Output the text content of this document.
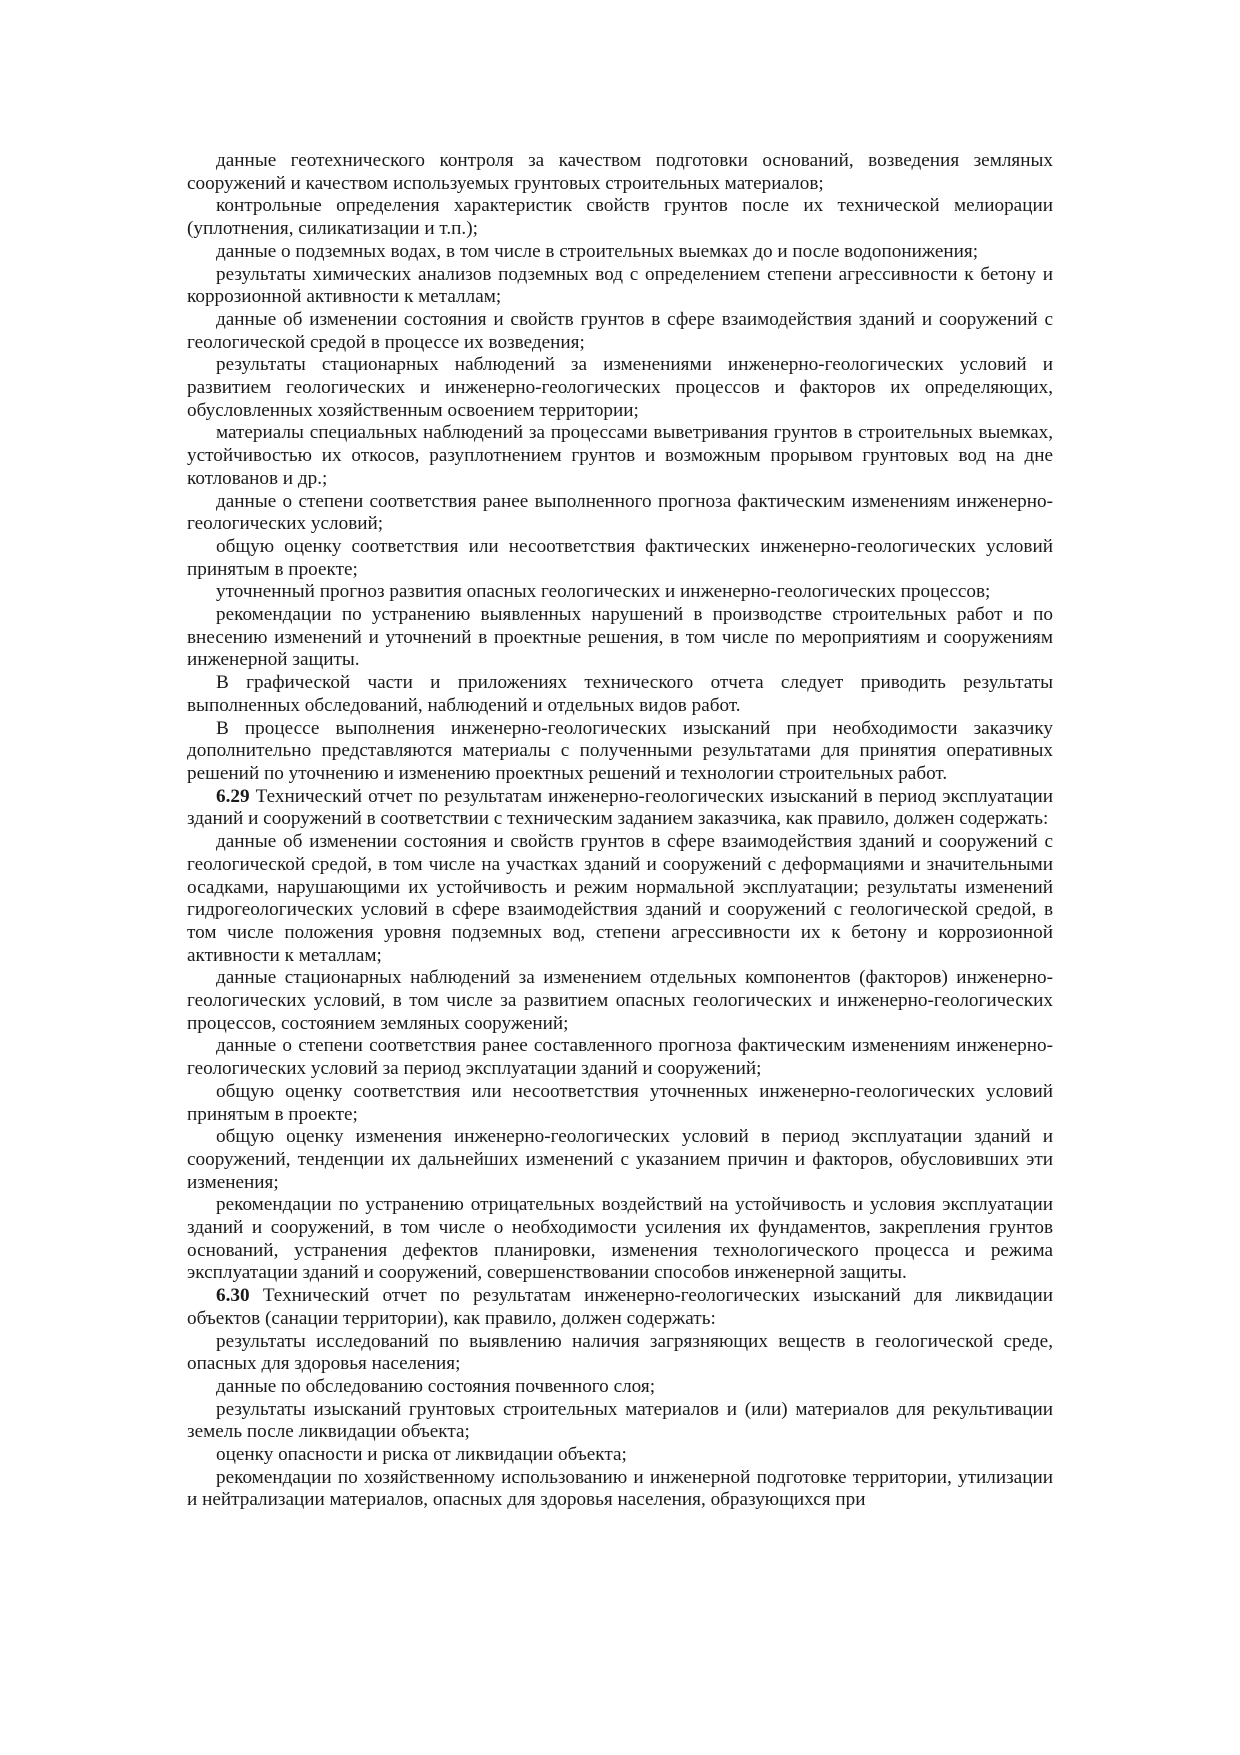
данные геотехнического контроля за качеством подготовки оснований, возведения земляных сооружений и качеством используемых грунтовых строительных материалов;

контрольные определения характеристик свойств грунтов после их технической мелиорации (уплотнения, силикатизации и т.п.);

данные о подземных водах, в том числе в строительных выемках до и после водопонижения;

результаты химических анализов подземных вод с определением степени агрессивности к бетону и коррозионной активности к металлам;

данные об изменении состояния и свойств грунтов в сфере взаимодействия зданий и сооружений с геологической средой в процессе их возведения;

результаты стационарных наблюдений за изменениями инженерно-геологических условий и развитием геологических и инженерно-геологических процессов и факторов их определяющих, обусловленных хозяйственным освоением территории;

материалы специальных наблюдений за процессами выветривания грунтов в строительных выемках, устойчивостью их откосов, разуплотнением грунтов и возможным прорывом грунтовых вод на дне котлованов и др.;

данные о степени соответствия ранее выполненного прогноза фактическим изменениям инженерно-геологических условий;

общую оценку соответствия или несоответствия фактических инженерно-геологических условий принятым в проекте;

уточненный прогноз развития опасных геологических и инженерно-геологических процессов;

рекомендации по устранению выявленных нарушений в производстве строительных работ и по внесению изменений и уточнений в проектные решения, в том числе по мероприятиям и сооружениям инженерной защиты.

В графической части и приложениях технического отчета следует приводить результаты выполненных обследований, наблюдений и отдельных видов работ.

В процессе выполнения инженерно-геологических изысканий при необходимости заказчику дополнительно представляются материалы с полученными результатами для принятия оперативных решений по уточнению и изменению проектных решений и технологии строительных работ.

6.29 Технический отчет по результатам инженерно-геологических изысканий в период эксплуатации зданий и сооружений в соответствии с техническим заданием заказчика, как правило, должен содержать:

данные об изменении состояния и свойств грунтов в сфере взаимодействия зданий и сооружений с геологической средой, в том числе на участках зданий и сооружений с деформациями и значительными осадками, нарушающими их устойчивость и режим нормальной эксплуатации; результаты изменений гидрогеологических условий в сфере взаимодействия зданий и сооружений с геологической средой, в том числе положения уровня подземных вод, степени агрессивности их к бетону и коррозионной активности к металлам;

данные стационарных наблюдений за изменением отдельных компонентов (факторов) инженерно-геологических условий, в том числе за развитием опасных геологических и инженерно-геологических процессов, состоянием земляных сооружений;

данные о степени соответствия ранее составленного прогноза фактическим изменениям инженерно-геологических условий за период эксплуатации зданий и сооружений;

общую оценку соответствия или несоответствия уточненных инженерно-геологических условий принятым в проекте;

общую оценку изменения инженерно-геологических условий в период эксплуатации зданий и сооружений, тенденции их дальнейших изменений с указанием причин и факторов, обусловивших эти изменения;

рекомендации по устранению отрицательных воздействий на устойчивость и условия эксплуатации зданий и сооружений, в том числе о необходимости усиления их фундаментов, закрепления грунтов оснований, устранения дефектов планировки, изменения технологического процесса и режима эксплуатации зданий и сооружений, совершенствовании способов инженерной защиты.

6.30 Технический отчет по результатам инженерно-геологических изысканий для ликвидации объектов (санации территории), как правило, должен содержать:

результаты исследований по выявлению наличия загрязняющих веществ в геологической среде, опасных для здоровья населения;

данные по обследованию состояния почвенного слоя;

результаты изысканий грунтовых строительных материалов и (или) материалов для рекультивации земель после ликвидации объекта;

оценку опасности и риска от ликвидации объекта;

рекомендации по хозяйственному использованию и инженерной подготовке территории, утилизации и нейтрализации материалов, опасных для здоровья населения, образующихся при
